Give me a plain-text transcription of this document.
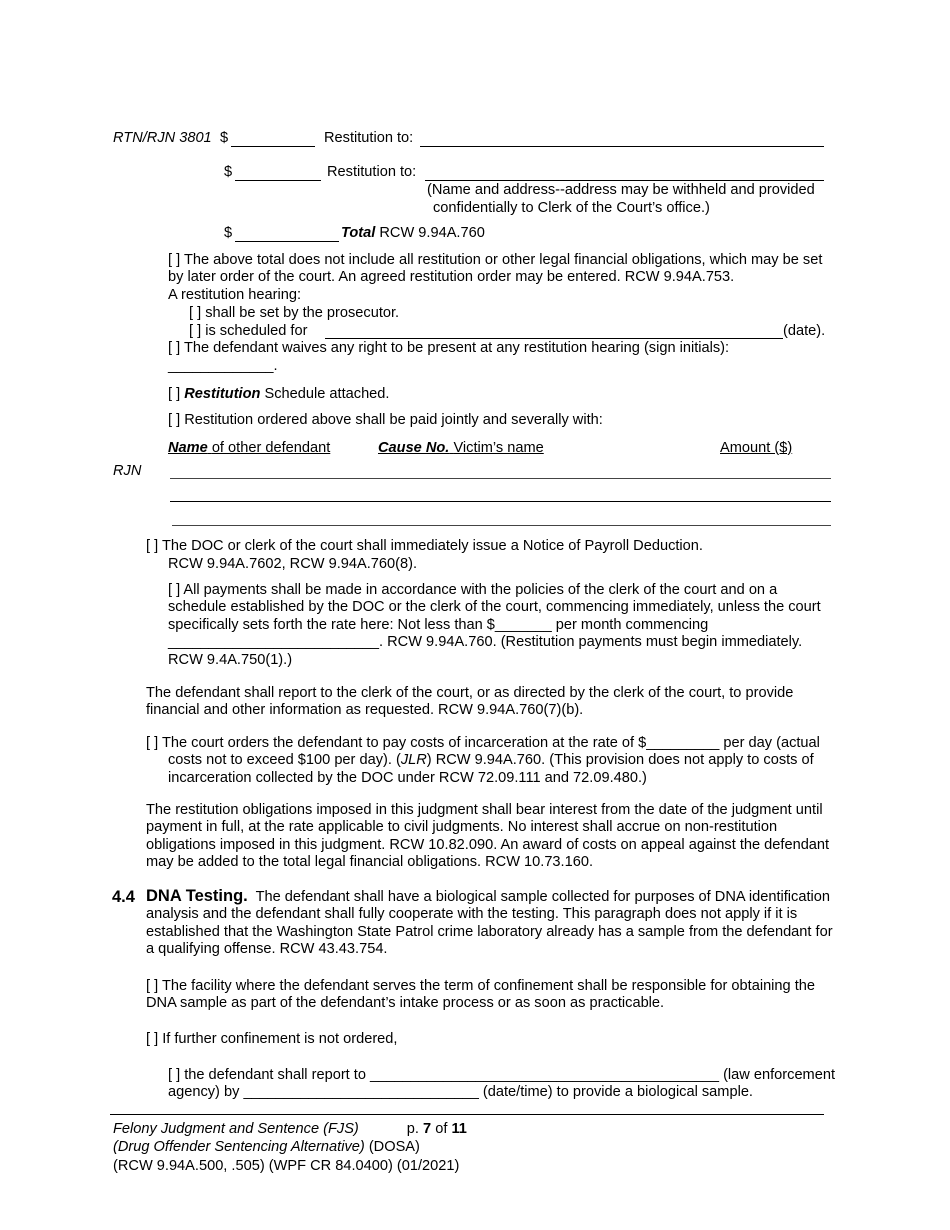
RTN/RJN 3801 $	Restitution to:
$	Restitution to:
(Name and address--address may be withheld and provided
confidentially to Clerk of the Court’s office.)
$	Total RCW 9.94A.760
[ ] The above total does not include all restitution or other legal financial obligations, which may be set by later order of the court. An agreed restitution order may be entered. RCW 9.94A.753.
A restitution hearing:
[ ] shall be set by the prosecutor.
[ ] is scheduled for	(date).
[ ] The defendant waives any right to be present at any restitution hearing (sign initials):
_____________.
[ ] Restitution Schedule attached.
[ ] Restitution ordered above shall be paid jointly and severally with:
Name of other defendant	Cause No. Victim’s name	Amount ($)
RJN
[ ] The DOC or clerk of the court shall immediately issue a Notice of Payroll Deduction.
RCW 9.94A.7602, RCW 9.94A.760(8).
[ ] All payments shall be made in accordance with the policies of the clerk of the court and on a schedule established by the DOC or the clerk of the court, commencing immediately, unless the court specifically sets forth the rate here: Not less than $_______ per month commencing __________________________. RCW 9.94A.760. (Restitution payments must begin immediately. RCW 9.4A.750(1).)
The defendant shall report to the clerk of the court, or as directed by the clerk of the court, to provide financial and other information as requested. RCW 9.94A.760(7)(b).
[ ] The court orders the defendant to pay costs of incarceration at the rate of $_________ per day (actual costs not to exceed $100 per day). (JLR) RCW 9.94A.760. (This provision does not apply to costs of incarceration collected by the DOC under RCW 72.09.111 and 72.09.480.)
The restitution obligations imposed in this judgment shall bear interest from the date of the judgment until payment in full, at the rate applicable to civil judgments. No interest shall accrue on non-restitution obligations imposed in this judgment. RCW 10.82.090. An award of costs on appeal against the defendant may be added to the total legal financial obligations. RCW 10.73.160.
4.4 DNA Testing. The defendant shall have a biological sample collected for purposes of DNA identification analysis and the defendant shall fully cooperate with the testing. This paragraph does not apply if it is established that the Washington State Patrol crime laboratory already has a sample from the defendant for a qualifying offense. RCW 43.43.754.
[ ] The facility where the defendant serves the term of confinement shall be responsible for obtaining the DNA sample as part of the defendant’s intake process or as soon as practicable.
[ ] If further confinement is not ordered,
[ ] the defendant shall report to ___________________________________________ (law enforcement agency) by _____________________________ (date/time) to provide a biological sample.
Felony Judgment and Sentence (FJS)	p. 7 of 11
(Drug Offender Sentencing Alternative) (DOSA)
(RCW 9.94A.500, .505) (WPF CR 84.0400) (01/2021)
